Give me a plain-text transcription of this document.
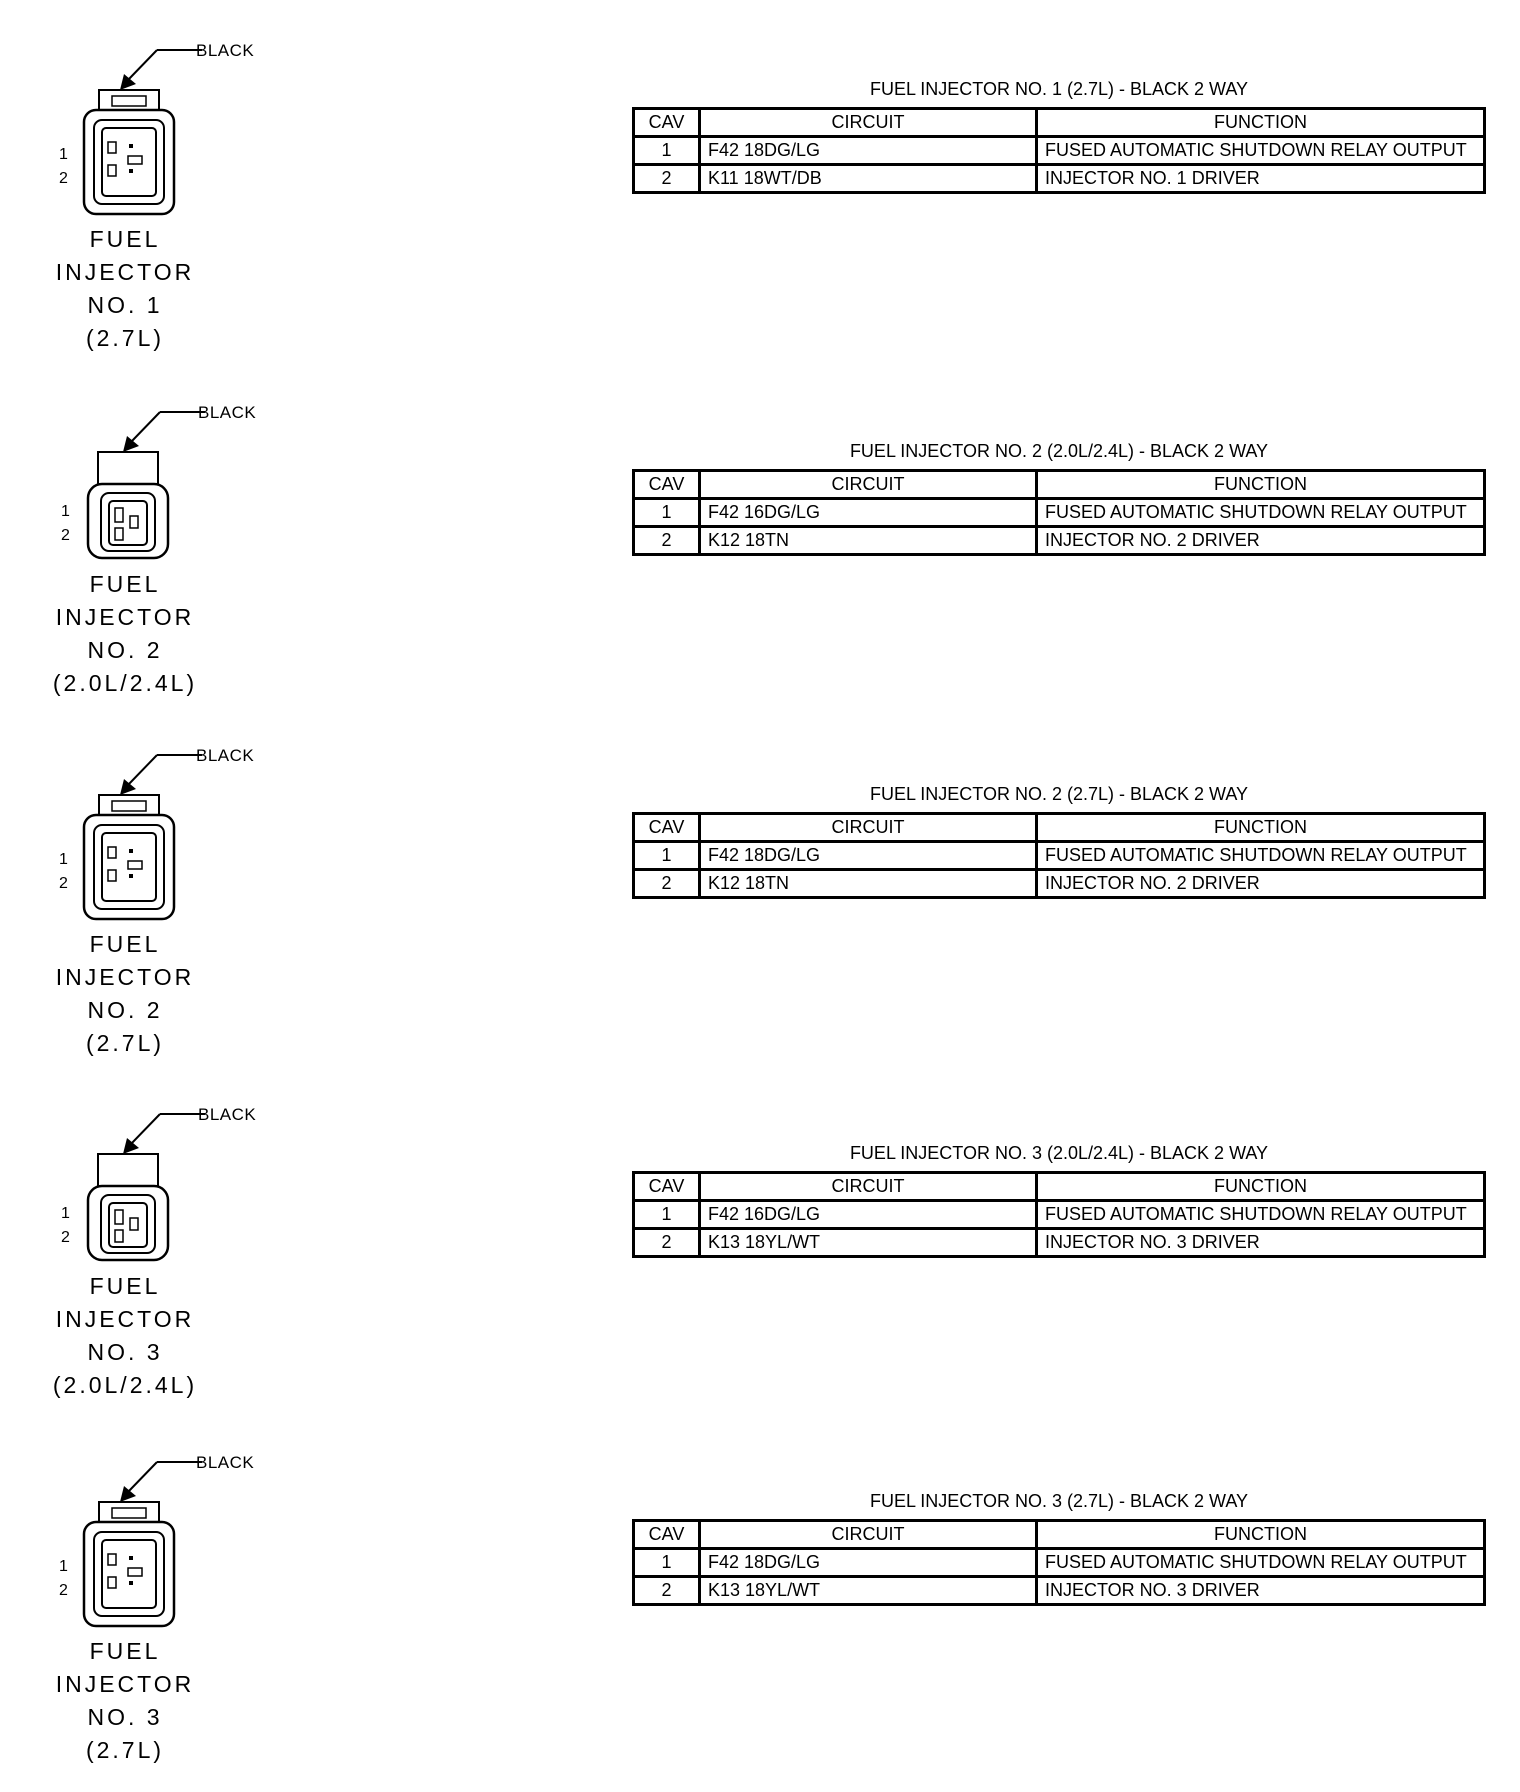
BLACK
1
2
FUEL INJECTOR
NO. 1
(2.7L)
FUEL INJECTOR NO. 1 (2.7L) - BLACK 2 WAY
CAV	CIRCUIT	FUNCTION
1	F42 18DG/LG	FUSED AUTOMATIC SHUTDOWN RELAY OUTPUT
2	K11 18WT/DB	INJECTOR NO. 1 DRIVER
BLACK
1
2
FUEL INJECTOR
NO. 2
(2.0L/2.4L)
FUEL INJECTOR NO. 2 (2.0L/2.4L) - BLACK 2 WAY
CAV	CIRCUIT	FUNCTION
1	F42 16DG/LG	FUSED AUTOMATIC SHUTDOWN RELAY OUTPUT
2	K12 18TN	INJECTOR NO. 2 DRIVER
BLACK
1
2
FUEL INJECTOR
NO. 2
(2.7L)
FUEL INJECTOR NO. 2 (2.7L) - BLACK 2 WAY
CAV	CIRCUIT	FUNCTION
1	F42 18DG/LG	FUSED AUTOMATIC SHUTDOWN RELAY OUTPUT
2	K12 18TN	INJECTOR NO. 2 DRIVER
BLACK
1
2
FUEL INJECTOR
NO. 3
(2.0L/2.4L)
FUEL INJECTOR NO. 3 (2.0L/2.4L) - BLACK 2 WAY
CAV	CIRCUIT	FUNCTION
1	F42 16DG/LG	FUSED AUTOMATIC SHUTDOWN RELAY OUTPUT
2	K13 18YL/WT	INJECTOR NO. 3 DRIVER
BLACK
1
2
FUEL INJECTOR
NO. 3
(2.7L)
FUEL INJECTOR NO. 3 (2.7L) - BLACK 2 WAY
CAV	CIRCUIT	FUNCTION
1	F42 18DG/LG	FUSED AUTOMATIC SHUTDOWN RELAY OUTPUT
2	K13 18YL/WT	INJECTOR NO. 3 DRIVER
